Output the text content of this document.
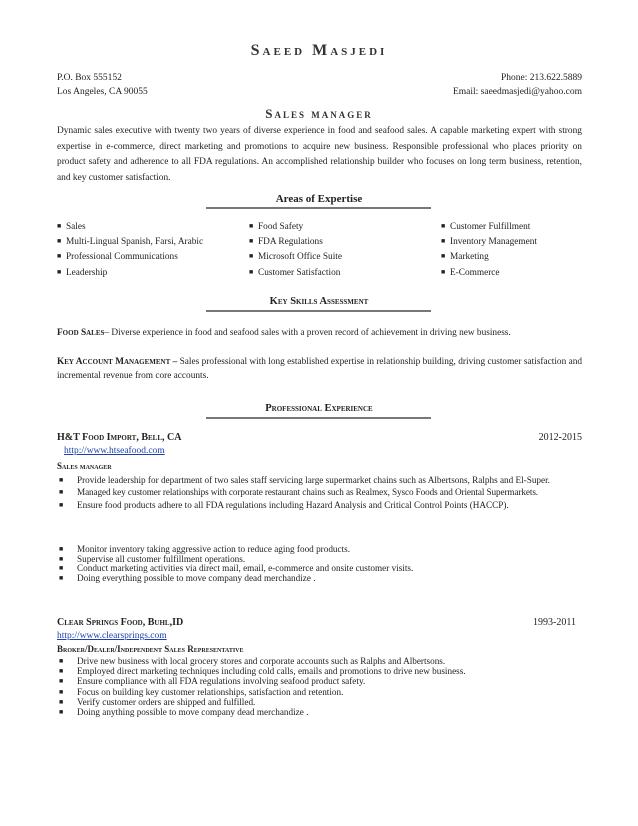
Saeed Masjedi
P.O. Box 555152	Phone: 213.622.5889
Los Angeles, CA 90055	Email: saeedmasjedi@yahoo.com
Sales manager
Dynamic sales executive with twenty two years of diverse experience in food and seafood sales. A capable marketing expert with strong expertise in e-commerce, direct marketing and promotions to acquire new business. Responsible professional who places priority on product safety and adherence to all FDA regulations. An accomplished relationship builder who focuses on long term business, retention, and key customer satisfaction.
Areas of Expertise
■ Sales
■ Multi-Lingual Spanish, Farsi, Arabic
■ Professional Communications
■ Leadership
■ Food Safety
■ FDA Regulations
■ Microsoft Office Suite
■ Customer Satisfaction
■ Customer Fulfillment
■ Inventory Management
■ Marketing
■ E-Commerce
Key Skills Assessment
Food Sales– Diverse experience in food and seafood sales with a proven record of achievement in driving new business.
Key Account Management – Sales professional with long established expertise in relationship building, driving customer satisfaction and incremental revenue from core accounts.
Professional Experience
H&T Food Import, Bell, CA	2012-2015
http://www.htseafood.com
Sales manager
■ Provide leadership for department of two sales staff servicing large supermarket chains such as Albertsons, Ralphs and El-Super.
■ Managed key customer relationships with corporate restaurant chains such as Realmex, Sysco Foods and Oriental Supermarkets.
■ Ensure food products adhere to all FDA regulations including Hazard Analysis and Critical Control Points (HACCP).
■ Monitor inventory taking aggressive action to reduce aging food products.
■ Supervise all customer fulfillment operations.
■ Conduct marketing activities via direct mail, email, e-commerce and onsite customer visits.
■ Doing everything possible to move company dead merchandize .
Clear Springs Food, Buhl,ID	1993-2011
http://www.clearsprings.com
Broker/Dealer/Independent Sales Representative
■ Drive new business with local grocery stores and corporate accounts such as Ralphs and Albertsons.
■ Employed direct marketing techniques including cold calls, emails and promotions to drive new business.
■ Ensure compliance with all FDA regulations involving seafood product safety.
■ Focus on building key customer relationships, satisfaction and retention.
■ Verify customer orders are shipped and fulfilled.
■ Doing anything possible to move company dead merchandize .
